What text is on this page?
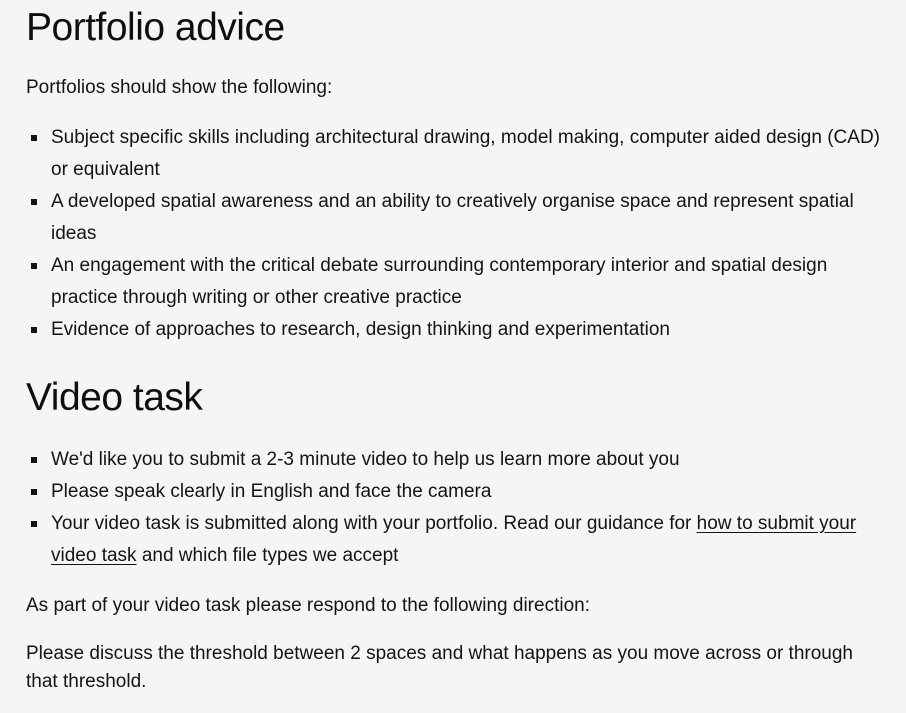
Portfolio advice

Portfolios should show the following:

Subject specific skills including architectural drawing, model making, computer aided design (CAD) or equivalent
A developed spatial awareness and an ability to creatively organise space and represent spatial ideas
An engagement with the critical debate surrounding contemporary interior and spatial design practice through writing or other creative practice
Evidence of approaches to research, design thinking and experimentation
Video task
We'd like you to submit a 2-3 minute video to help us learn more about you
Please speak clearly in English and face the camera
Your video task is submitted along with your portfolio. Read our guidance for how to submit your video task and which file types we accept

As part of your video task please respond to the following direction:

Please discuss the threshold between 2 spaces and what happens as you move across or through that threshold.
